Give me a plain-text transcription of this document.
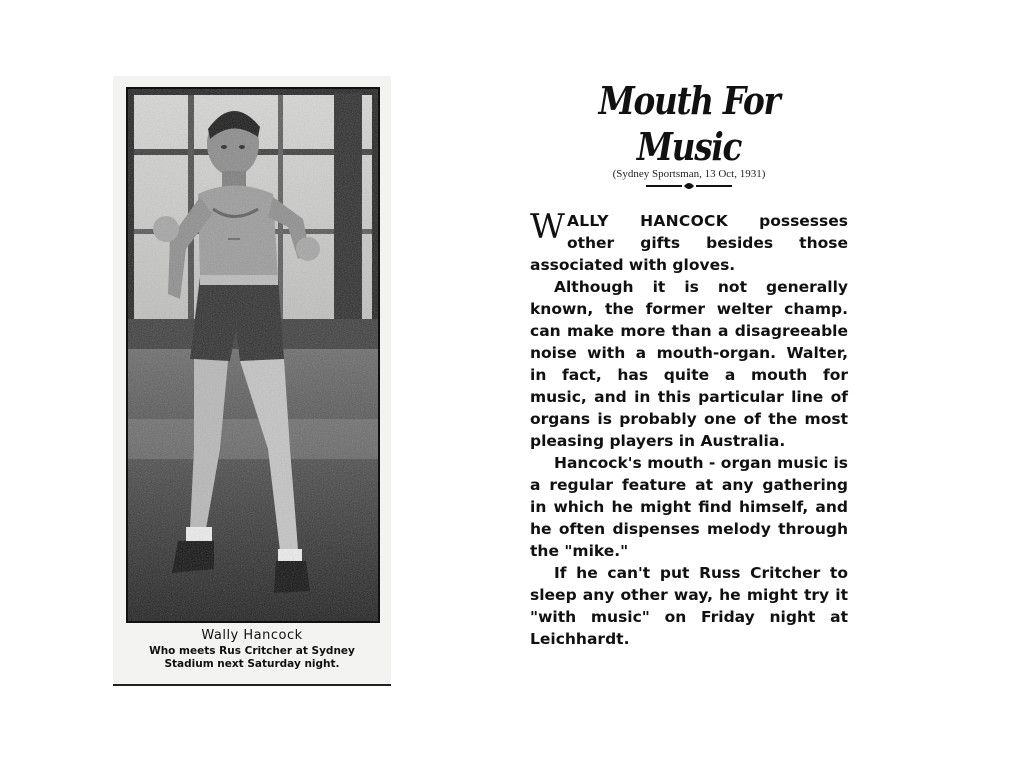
Wally Hancock

Who meets Rus Critcher at Sydney

Stadium next Saturday night.

Mouth For Music

(Sydney Sportsman, 13 Oct, 1931)

WALLY HANCOCK possesses other gifts besides those associated with gloves.

Although it is not generally known, the former welter champ. can make more than a disagreeable noise with a mouth-organ. Walter, in fact, has quite a mouth for music, and in this particular line of organs is probably one of the most pleasing players in Australia.

Hancock's mouth - organ music is a regular feature at any gathering in which he might find himself, and he often dispenses melody through the "mike."

If he can't put Russ Critcher to sleep any other way, he might try it "with music" on Friday night at Leichhardt.
